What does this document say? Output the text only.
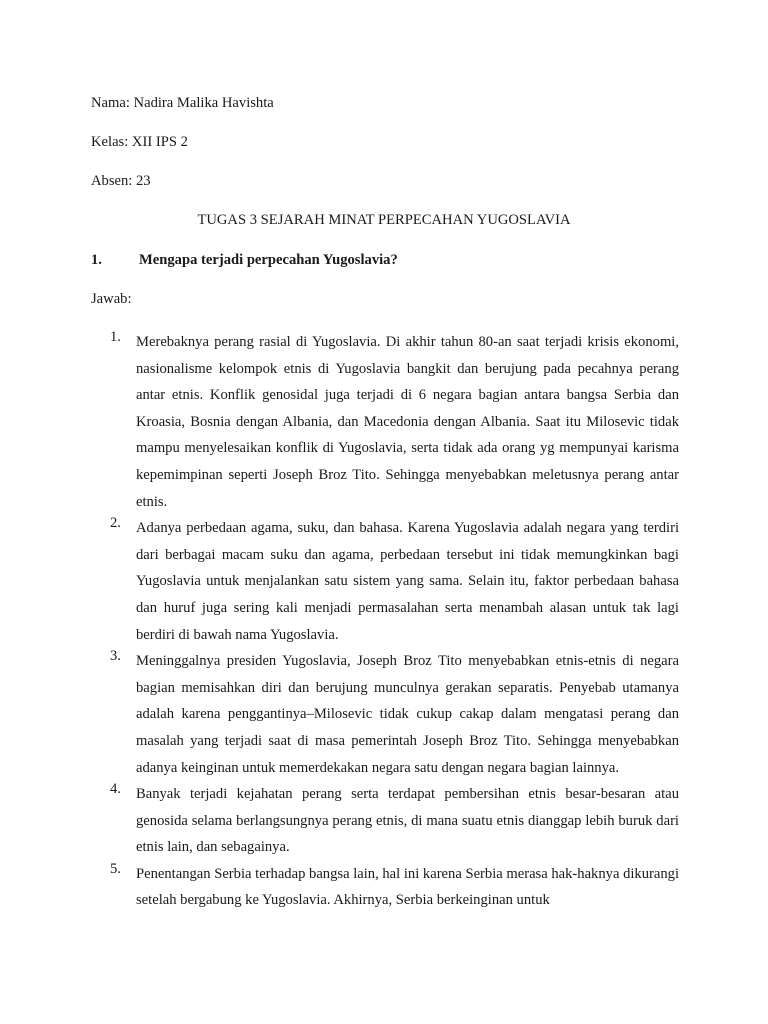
Nama: Nadira Malika Havishta
Kelas: XII IPS 2
Absen: 23
TUGAS 3 SEJARAH MINAT PERPECAHAN YUGOSLAVIA
1.	Mengapa terjadi perpecahan Yugoslavia?
Jawab:
1.	Merebaknya perang rasial di Yugoslavia. Di akhir tahun 80-an saat terjadi krisis ekonomi, nasionalisme kelompok etnis di Yugoslavia bangkit dan berujung pada pecahnya perang antar etnis. Konflik genosidal juga terjadi di 6 negara bagian antara bangsa Serbia dan Kroasia, Bosnia dengan Albania, dan Macedonia dengan Albania. Saat itu Milosevic tidak mampu menyelesaikan konflik di Yugoslavia, serta tidak ada orang yg mempunyai karisma kepemimpinan seperti Joseph Broz Tito. Sehingga menyebabkan meletusnya perang antar etnis.
2.	Adanya perbedaan agama, suku, dan bahasa. Karena Yugoslavia adalah negara yang terdiri dari berbagai macam suku dan agama, perbedaan tersebut ini tidak memungkinkan bagi Yugoslavia untuk menjalankan satu sistem yang sama. Selain itu, faktor perbedaan bahasa dan huruf juga sering kali menjadi permasalahan serta menambah alasan untuk tak lagi berdiri di bawah nama Yugoslavia.
3.	Meninggalnya presiden Yugoslavia, Joseph Broz Tito menyebabkan etnis-etnis di negara bagian memisahkan diri dan berujung munculnya gerakan separatis. Penyebab utamanya adalah karena penggantinya–Milosevic tidak cukup cakap dalam mengatasi perang dan masalah yang terjadi saat di masa pemerintah Joseph Broz Tito. Sehingga menyebabkan adanya keinginan untuk memerdekakan negara satu dengan negara bagian lainnya.
4.	Banyak terjadi kejahatan perang serta terdapat pembersihan etnis besar-besaran atau genosida selama berlangsungnya perang etnis, di mana suatu etnis dianggap lebih buruk dari etnis lain, dan sebagainya.
5.	Penentangan Serbia terhadap bangsa lain, hal ini karena Serbia merasa hak-haknya dikurangi setelah bergabung ke Yugoslavia. Akhirnya, Serbia berkeinginan untuk
